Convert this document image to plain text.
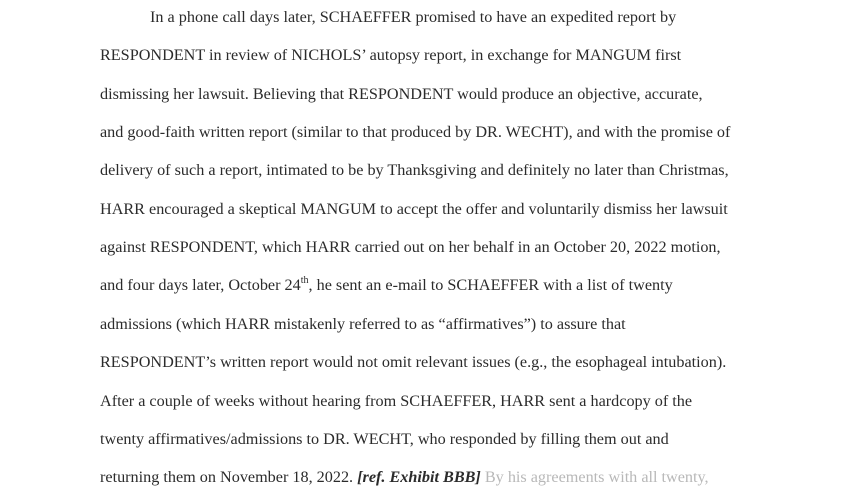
In a phone call days later, SCHAEFFER promised to have an expedited report by
RESPONDENT in review of NICHOLS’ autopsy report, in exchange for MANGUM first
dismissing her lawsuit. Believing that RESPONDENT would produce an objective, accurate,
and good-faith written report (similar to that produced by DR. WECHT), and with the promise of
delivery of such a report, intimated to be by Thanksgiving and definitely no later than Christmas,
HARR encouraged a skeptical MANGUM to accept the offer and voluntarily dismiss her lawsuit
against RESPONDENT, which HARR carried out on her behalf in an October 20, 2022 motion,
and four days later, October 24th, he sent an e-mail to SCHAEFFER with a list of twenty
admissions (which HARR mistakenly referred to as “affirmatives”) to assure that
RESPONDENT’s written report would not omit relevant issues (e.g., the esophageal intubation).
After a couple of weeks without hearing from SCHAEFFER, HARR sent a hardcopy of the
twenty affirmatives/admissions to DR. WECHT, who responded by filling them out and
returning them on November 18, 2022. [ref. Exhibit BBB] By his agreements with all twenty,
